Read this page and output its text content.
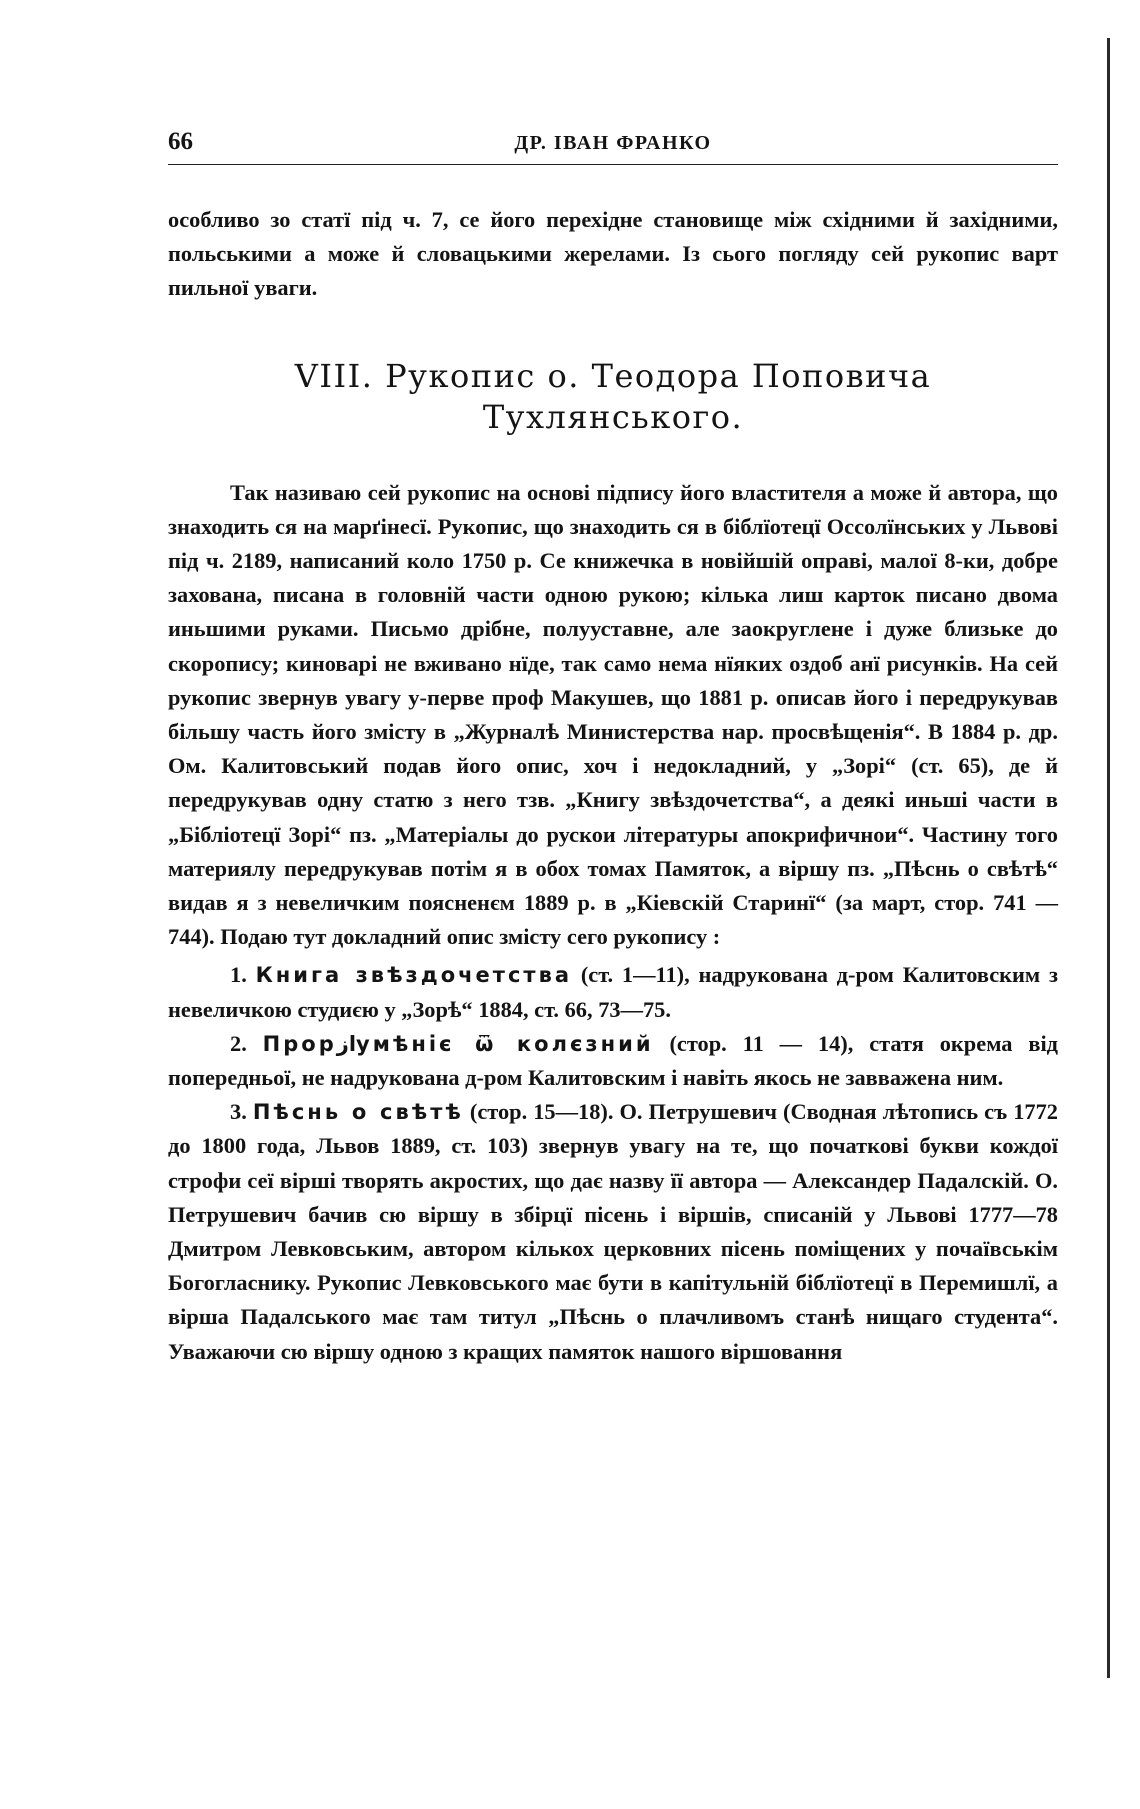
66	ДР. ІВАН ФРАНКО

особливо зо статї під ч. 7, се його перехідне становище між східними й західними, польськими а може й словацькими жерелами. Із сього погляду сей рукопис варт пильної уваги.

VIII. Рукопис о. Теодора Поповича
Тухлянського.

Так називаю сей рукопис на основі підпису його властителя а може й автора, що знаходить ся на марґінесї. Рукопис, що знаходить ся в біблїотецї Оссолїнських у Львові під ч. 2189, написаний коло 1750 р. Се книжечка в новійшій оправі, малої 8-ки, добре захована, писана в головній части одною рукою; кілька лиш карток писано двома иньшими руками. Письмо дрібне, полууставне, але заокруглене і дуже близьке до скоропису; киноварі не вживано нїде, так само нема нїяких оздоб анї рисунків. На сей рукопис звернув увагу у-перве проф Макушев, що 1881 р. описав його і передрукував більшу часть його змісту в „Журналѣ Министерства нар. просвѣщенія“. В 1884 р. др. Ом. Калитовський подав його опис, хоч і недокладний, у „Зорі“ (ст. 65), де й передрукував одну статю з него тзв. „Книгу звѣздочетства“, а деякі иньші части в „Бібліотецї Зорі“ пз. „Матеріалы до рускои літературы апокрифичнои“. Частину того материялу передрукував потім я в обох томах Памяток, а віршу пз. „Пѣснь о свѣтѣ“ видав я з невеличким поясненєм 1889 р. в „Кіевскій Старинї“ (за март, стор. 741 — 744). Подаю тут докладний опис змісту сего рукопису :

1. Книга звѣздочетства (ст. 1—11), надрукована д-ром Калитовским з невеличкою студиєю у „Зорѣ“ 1884, ст. 66, 73—75.

2. Прорازумѣніє ѿ колєзний (стор. 11 — 14), статя окрема від попередньої, не надрукована д-ром Калитовским і навіть якось не завважена ним.

3. Пѣснь о свѣтѣ (стор. 15—18). О. Петрушевич (Сводная лѣтопись съ 1772 до 1800 года, Львов 1889, ст. 103) звернув увагу на те, що початкові букви кождої строфи сеї вірші творять акростих, що дає назву її автора — Александер Падалскій. О. Петрушевич бачив сю віршу в збірцї пісень і віршів, списаній у Львові 1777—78 Дмитром Левковським, автором кількох церковних пісень поміщених у почаївськім Богогласнику. Рукопис Левковського має бути в капітульній біблїотецї в Перемишлї, а вірша Падалського має там титул „Пѣснь о плачливомъ станѣ нищаго студента“. Уважаючи сю віршу одною з кращих памяток нашого віршовання
